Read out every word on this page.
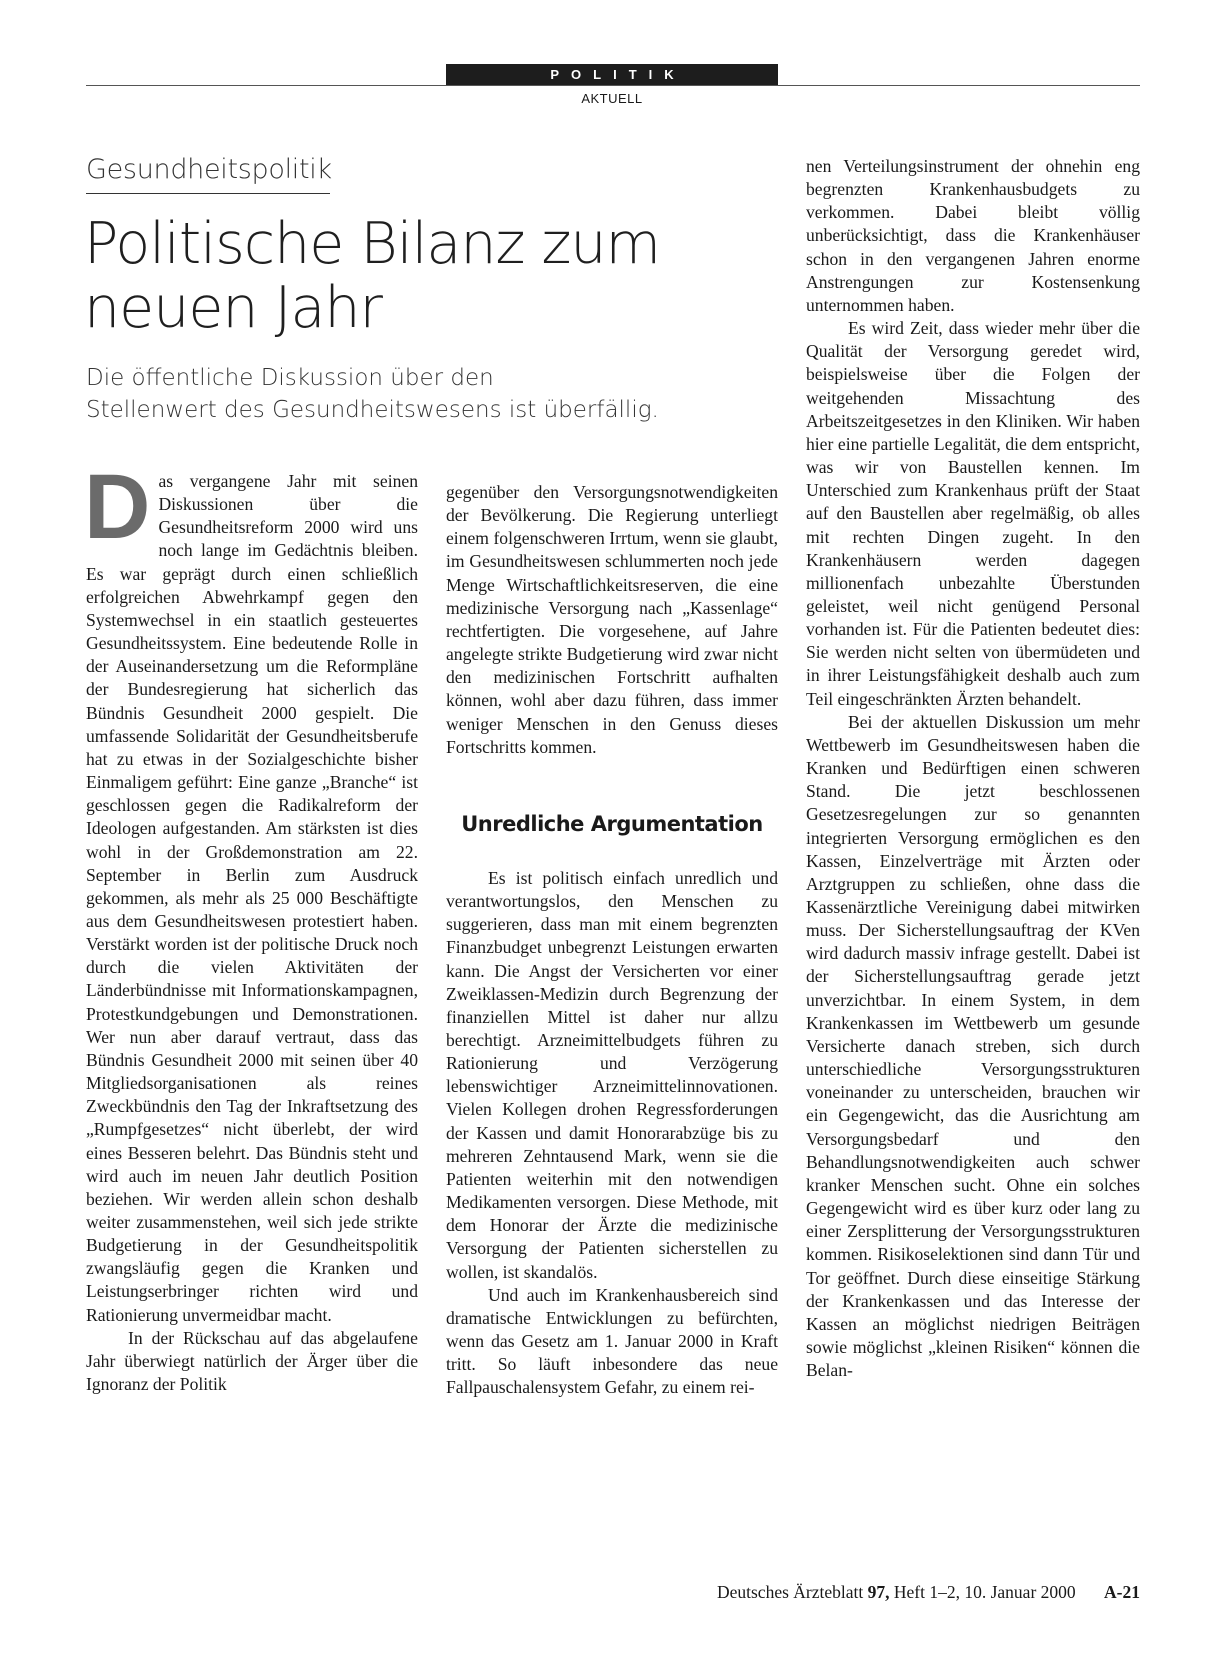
POLITIK
AKTUELL
Gesundheitspolitik
Politische Bilanz zum
neuen Jahr
Die öffentliche Diskussion über den
Stellenwert des Gesundheitswesens ist überfällig.

Das vergangene Jahr mit seinen Diskussionen über die Gesundheitsreform 2000 wird uns noch lange im Gedächtnis bleiben. Es war geprägt durch einen schließlich erfolgreichen Abwehrkampf gegen den Systemwechsel in ein staatlich gesteuertes Gesundheitssystem. Eine bedeutende Rolle in der Auseinandersetzung um die Reformpläne der Bundesregierung hat sicherlich das Bündnis Gesundheit 2000 gespielt. Die umfassende Solidarität der Gesundheitsberufe hat zu etwas in der Sozialgeschichte bisher Einmaligem geführt: Eine ganze „Branche“ ist geschlossen gegen die Radikalreform der Ideologen aufgestanden. Am stärksten ist dies wohl in der Großdemonstration am 22. September in Berlin zum Ausdruck gekommen, als mehr als 25 000 Beschäftigte aus dem Gesundheitswesen protestiert haben. Verstärkt worden ist der politische Druck noch durch die vielen Aktivitäten der Länderbündnisse mit Informationskampagnen, Protestkundgebungen und Demonstrationen. Wer nun aber darauf vertraut, dass das Bündnis Gesundheit 2000 mit seinen über 40 Mitgliedsorganisationen als reines Zweckbündnis den Tag der Inkraftsetzung des „Rumpfgesetzes“ nicht überlebt, der wird eines Besseren belehrt. Das Bündnis steht und wird auch im neuen Jahr deutlich Position beziehen. Wir werden allein schon deshalb weiter zusammenstehen, weil sich jede strikte Budgetierung in der Gesundheitspolitik zwangsläufig gegen die Kranken und Leistungserbringer richten wird und Rationierung unvermeidbar macht.

In der Rückschau auf das abgelaufene Jahr überwiegt natürlich der Ärger über die Ignoranz der Politik

gegenüber den Versorgungsnotwendigkeiten der Bevölkerung. Die Regierung unterliegt einem folgenschweren Irrtum, wenn sie glaubt, im Gesundheitswesen schlummerten noch jede Menge Wirtschaftlichkeitsreserven, die eine medizinische Versorgung nach „Kassenlage“ rechtfertigten. Die vorgesehene, auf Jahre angelegte strikte Budgetierung wird zwar nicht den medizinischen Fortschritt aufhalten können, wohl aber dazu führen, dass immer weniger Menschen in den Genuss dieses Fortschritts kommen.

Unredliche Argumentation

Es ist politisch einfach unredlich und verantwortungslos, den Menschen zu suggerieren, dass man mit einem begrenzten Finanzbudget unbegrenzt Leistungen erwarten kann. Die Angst der Versicherten vor einer Zweiklassen-Medizin durch Begrenzung der finanziellen Mittel ist daher nur allzu berechtigt. Arzneimittelbudgets führen zu Rationierung und Verzögerung lebenswichtiger Arzneimittelinnovationen. Vielen Kollegen drohen Regressforderungen der Kassen und damit Honorarabzüge bis zu mehreren Zehntausend Mark, wenn sie die Patienten weiterhin mit den notwendigen Medikamenten versorgen. Diese Methode, mit dem Honorar der Ärzte die medizinische Versorgung der Patienten sicherstellen zu wollen, ist skandalös.

Und auch im Krankenhausbereich sind dramatische Entwicklungen zu befürchten, wenn das Gesetz am 1. Januar 2000 in Kraft tritt. So läuft inbesondere das neue Fallpauschalensystem Gefahr, zu einem rei-

nen Verteilungsinstrument der ohnehin eng begrenzten Krankenhausbudgets zu verkommen. Dabei bleibt völlig unberücksichtigt, dass die Krankenhäuser schon in den vergangenen Jahren enorme Anstrengungen zur Kostensenkung unternommen haben.

Es wird Zeit, dass wieder mehr über die Qualität der Versorgung geredet wird, beispielsweise über die Folgen der weitgehenden Missachtung des Arbeitszeitgesetzes in den Kliniken. Wir haben hier eine partielle Legalität, die dem entspricht, was wir von Baustellen kennen. Im Unterschied zum Krankenhaus prüft der Staat auf den Baustellen aber regelmäßig, ob alles mit rechten Dingen zugeht. In den Krankenhäusern werden dagegen millionenfach unbezahlte Überstunden geleistet, weil nicht genügend Personal vorhanden ist. Für die Patienten bedeutet dies: Sie werden nicht selten von übermüdeten und in ihrer Leistungsfähigkeit deshalb auch zum Teil eingeschränkten Ärzten behandelt.

Bei der aktuellen Diskussion um mehr Wettbewerb im Gesundheitswesen haben die Kranken und Bedürftigen einen schweren Stand. Die jetzt beschlossenen Gesetzesregelungen zur so genannten integrierten Versorgung ermöglichen es den Kassen, Einzelverträge mit Ärzten oder Arztgruppen zu schließen, ohne dass die Kassenärztliche Vereinigung dabei mitwirken muss. Der Sicherstellungsauftrag der KVen wird dadurch massiv infrage gestellt. Dabei ist der Sicherstellungsauftrag gerade jetzt unverzichtbar. In einem System, in dem Krankenkassen im Wettbewerb um gesunde Versicherte danach streben, sich durch unterschiedliche Versorgungsstrukturen voneinander zu unterscheiden, brauchen wir ein Gegengewicht, das die Ausrichtung am Versorgungsbedarf und den Behandlungsnotwendigkeiten auch schwer kranker Menschen sucht. Ohne ein solches Gegengewicht wird es über kurz oder lang zu einer Zersplitterung der Versorgungsstrukturen kommen. Risikoselektionen sind dann Tür und Tor geöffnet. Durch diese einseitige Stärkung der Krankenkassen und das Interesse der Kassen an möglichst niedrigen Beiträgen sowie möglichst „kleinen Risiken“ können die Belan-

Deutsches Ärzteblatt 97, Heft 1–2, 10. Januar 2000 A-21
